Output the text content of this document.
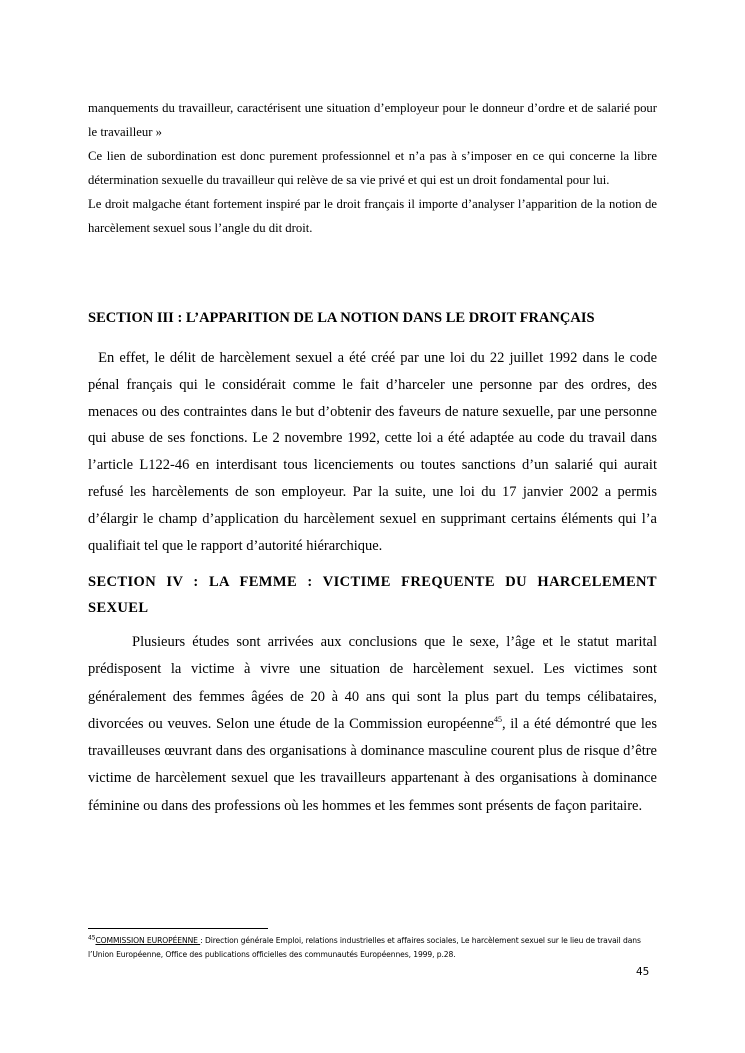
manquements du travailleur, caractérisent une situation d’employeur pour le donneur d’ordre et de salarié pour le travailleur »

Ce lien de subordination est donc purement professionnel et n’a pas à s’imposer en ce qui concerne la libre détermination sexuelle du travailleur qui relève de sa vie privé et qui est un droit fondamental pour lui.

Le droit malgache étant fortement inspiré par le droit français il importe d’analyser l’apparition de la notion de harcèlement sexuel sous l’angle du dit droit.

SECTION III : L’APPARITION DE LA NOTION DANS LE DROIT FRANÇAIS

En effet, le délit de harcèlement sexuel a été créé par une loi du 22 juillet 1992 dans le code pénal français qui le considérait comme le fait d’harceler une personne par des ordres, des menaces ou des contraintes dans le but d’obtenir des faveurs de nature sexuelle, par une personne qui abuse de ses fonctions. Le 2 novembre 1992, cette loi a été adaptée au code du travail dans l’article L122-46 en interdisant tous licenciements ou toutes sanctions d’un salarié qui aurait refusé les harcèlements de son employeur. Par la suite, une loi du 17 janvier 2002 a permis d’élargir le champ d’application du harcèlement sexuel en supprimant certains éléments qui l’a qualifiait tel que le rapport d’autorité hiérarchique.

SECTION IV : LA FEMME : VICTIME FREQUENTE DU HARCELEMENT
SEXUEL

Plusieurs études sont arrivées aux conclusions que le sexe, l’âge et le statut marital prédisposent la victime à vivre une situation de harcèlement sexuel. Les victimes sont généralement des femmes âgées de 20 à 40 ans qui sont la plus part du temps célibataires, divorcées ou veuves. Selon une étude de la Commission européenne$^{45}$, il a été démontré que les travailleuses œuvrant dans des organisations à dominance masculine courent plus de risque d’être victime de harcèlement sexuel que les travailleurs appartenant à des organisations à dominance féminine ou dans des professions où les hommes et les femmes sont présents de façon paritaire.

$^{45}$COMMISSION EUROPÉENNE : Direction générale Emploi, relations industrielles et affaires sociales, Le harcèlement sexuel sur le lieu de travail dans l’Union Européenne, Office des publications officielles des communautés Européennes, 1999, p.28.

45
